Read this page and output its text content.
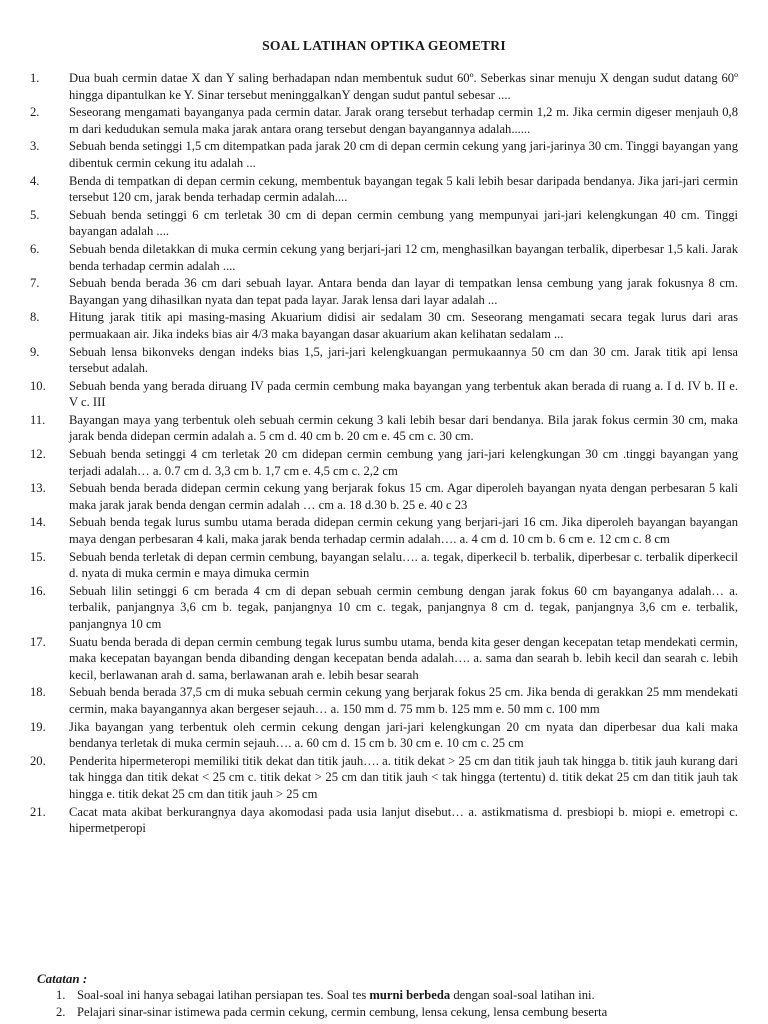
SOAL LATIHAN OPTIKA GEOMETRI
1.	Dua buah cermin datae X dan Y saling berhadapan ndan membentuk sudut 60º. Seberkas sinar menuju X dengan sudut datang 60º hingga dipantulkan ke Y. Sinar tersebut meninggalkanY dengan sudut pantul sebesar ....
2.	Seseorang mengamati bayanganya pada cermin datar. Jarak orang tersebut terhadap cermin 1,2 m. Jika cermin digeser menjauh 0,8 m dari kedudukan semula maka jarak antara orang tersebut dengan bayangannya adalah......
3.	Sebuah benda setinggi 1,5 cm ditempatkan pada jarak 20 cm di depan cermin cekung yang jari-jarinya 30 cm. Tinggi bayangan yang dibentuk cermin cekung itu adalah ...
4.	Benda di tempatkan di depan cermin cekung, membentuk bayangan tegak 5 kali lebih besar daripada bendanya. Jika jari-jari cermin tersebut 120 cm, jarak benda terhadap cermin adalah....
5.	Sebuah benda setinggi 6 cm terletak 30 cm di depan cermin cembung yang mempunyai jari-jari kelengkungan 40 cm. Tinggi bayangan adalah ....
6.	Sebuah benda diletakkan di muka cermin cekung yang berjari-jari 12 cm, menghasilkan bayangan terbalik, diperbesar 1,5 kali. Jarak benda terhadap cermin adalah ....
7.	Sebuah benda berada 36 cm dari sebuah layar. Antara benda dan layar di tempatkan lensa cembung yang jarak fokusnya 8 cm. Bayangan yang dihasilkan nyata dan tepat pada layar. Jarak lensa dari layar adalah ...
8.	Hitung jarak titik api masing-masing Akuarium didisi air sedalam 30 cm. Seseorang mengamati secara tegak lurus dari aras permuakaan air. Jika indeks bias air 4/3 maka bayangan dasar akuarium akan kelihatan sedalam ...
9.	Sebuah lensa bikonveks dengan indeks bias 1,5, jari-jari kelengkuangan permukaannya 50 cm dan 30 cm. Jarak titik api lensa tersebut adalah.
10.	Sebuah benda yang berada diruang IV pada cermin cembung maka bayangan yang terbentuk akan berada di ruang a. I d. IV b. II e. V c. III
11.	Bayangan maya yang terbentuk oleh sebuah cermin cekung 3 kali lebih besar dari bendanya. Bila jarak fokus cermin 30 cm, maka jarak benda didepan cermin adalah a. 5 cm d. 40 cm b. 20 cm e. 45 cm c. 30 cm.
12.	Sebuah benda setinggi 4 cm terletak 20 cm didepan cermin cembung yang jari-jari kelengkungan 30 cm .tinggi bayangan yang terjadi adalah… a. 0.7 cm d. 3,3 cm b. 1,7 cm e. 4,5 cm c. 2,2 cm
13.	Sebuah benda berada didepan cermin cekung yang berjarak fokus 15 cm. Agar diperoleh bayangan nyata dengan perbesaran 5 kali maka jarak jarak benda dengan cermin adalah … cm a. 18 d.30 b. 25 e. 40 c 23
14.	Sebuah benda tegak lurus sumbu utama berada didepan cermin cekung yang berjari-jari 16 cm. Jika diperoleh bayangan bayangan maya dengan perbesaran 4 kali, maka jarak benda terhadap cermin adalah…. a. 4 cm d. 10 cm b. 6 cm e. 12 cm c. 8 cm
15.	Sebuah benda terletak di depan cermin cembung, bayangan selalu…. a. tegak, diperkecil b. terbalik, diperbesar c. terbalik diperkecil d. nyata di muka cermin e maya dimuka cermin
16.	Sebuah lilin setinggi 6 cm berada 4 cm di depan sebuah cermin cembung dengan jarak fokus 60 cm bayanganya adalah… a. terbalik, panjangnya 3,6 cm b. tegak, panjangnya 10 cm c. tegak, panjangnya 8 cm d. tegak, panjangnya 3,6 cm e. terbalik, panjangnya 10 cm
17.	Suatu benda berada di depan cermin cembung tegak lurus sumbu utama, benda kita geser dengan kecepatan tetap mendekati cermin, maka kecepatan bayangan benda dibanding dengan kecepatan benda adalah…. a. sama dan searah b. lebih kecil dan searah c. lebih kecil, berlawanan arah d. sama, berlawanan arah e. lebih besar searah
18.	Sebuah benda berada 37,5 cm di muka sebuah cermin cekung yang berjarak fokus 25 cm. Jika benda di gerakkan 25 mm mendekati cermin, maka bayangannya akan bergeser sejauh… a. 150 mm d. 75 mm b. 125 mm e. 50 mm c. 100 mm
19.	Jika bayangan yang terbentuk oleh cermin cekung dengan jari-jari kelengkungan 20 cm nyata dan diperbesar dua kali maka bendanya terletak di muka cermin sejauh…. a. 60 cm d. 15 cm b. 30 cm e. 10 cm c. 25 cm
20.	Penderita hipermeteropi memiliki titik dekat dan titik jauh…. a. titik dekat > 25 cm dan titik jauh tak hingga b. titik jauh kurang dari tak hingga dan titik dekat < 25 cm c. titik dekat > 25 cm dan titik jauh < tak hingga (tertentu) d. titik dekat 25 cm dan titik jauh tak hingga e. titik dekat 25 cm dan titik jauh > 25 cm
21.	Cacat mata akibat berkurangnya daya akomodasi pada usia lanjut disebut… a. astikmatisma d. presbiopi b. miopi e. emetropi c. hipermetperopi
Catatan :
1. Soal-soal ini hanya sebagai latihan persiapan tes. Soal tes murni berbeda dengan soal-soal latihan ini.
2. Pelajari sinar-sinar istimewa pada cermin cekung, cermin cembung, lensa cekung, lensa cembung beserta
